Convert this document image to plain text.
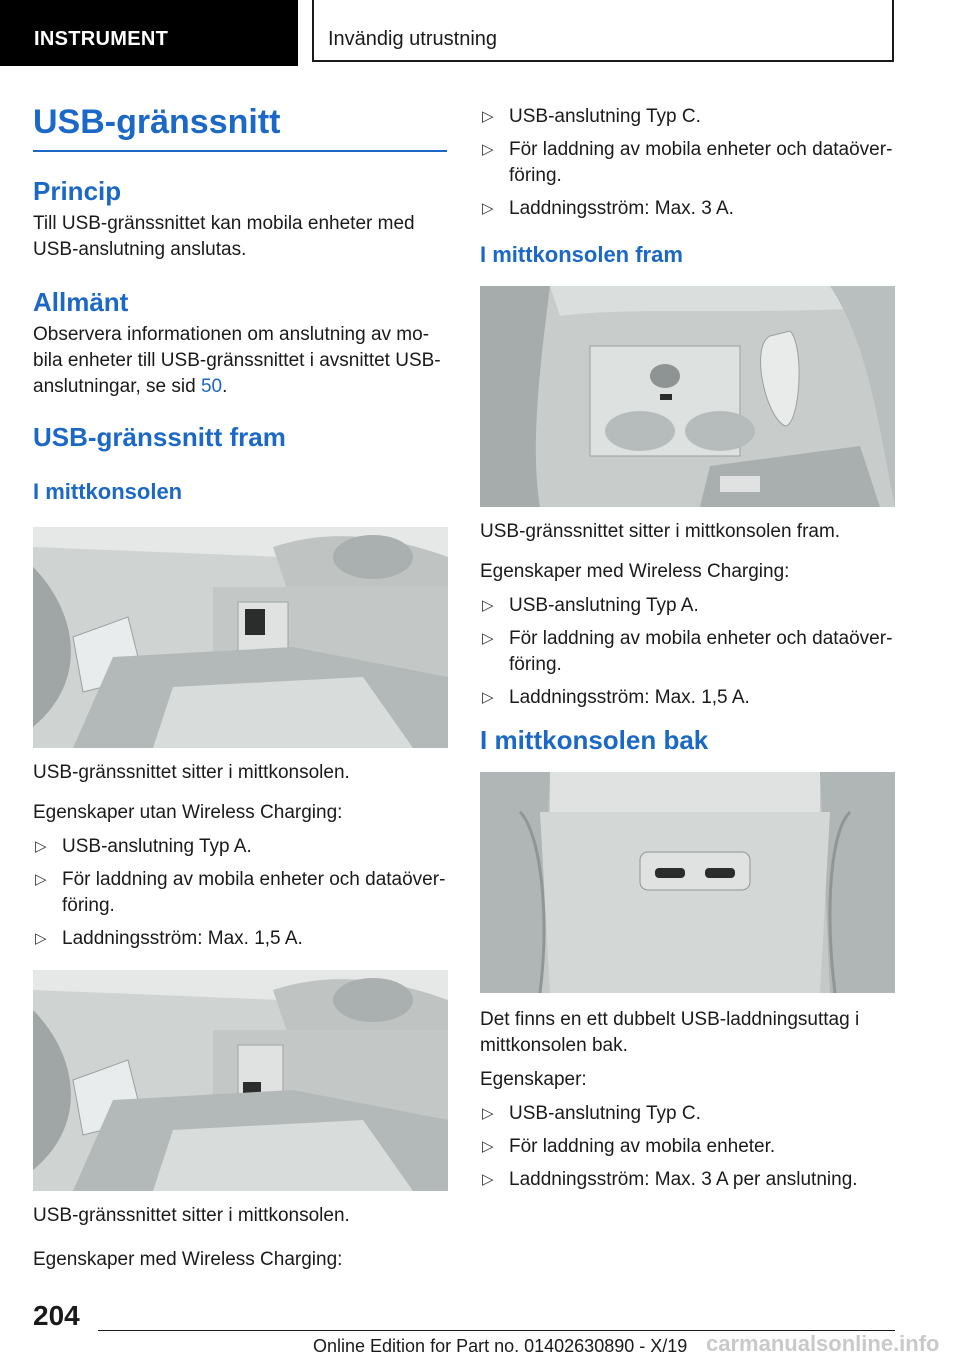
INSTRUMENT	Invändig utrustning
USB-gränssnitt
Princip

Till USB-gränssnittet kan mobila enheter med USB-anslutning anslutas.

Allmänt

Observera informationen om anslutning av mo‐ bila enheter till USB-gränssnittet i avsnittet USB- anslutningar, se sid 50.

USB-gränssnitt fram
I mittkonsolen

USB-gränssnittet sitter i mittkonsolen.

Egenskaper utan Wireless Charging:

▷ USB-anslutning Typ A.
▷ För laddning av mobila enheter och dataöver‐ föring.
▷ Laddningsström: Max. 1,5 A.

USB-gränssnittet sitter i mittkonsolen.

Egenskaper med Wireless Charging:

▷ USB-anslutning Typ C.
▷ För laddning av mobila enheter och dataöver‐ föring.
▷ Laddningsström: Max. 3 A.
I mittkonsolen fram

USB-gränssnittet sitter i mittkonsolen fram.

Egenskaper med Wireless Charging:

▷ USB-anslutning Typ A.
▷ För laddning av mobila enheter och dataöver‐ föring.
▷ Laddningsström: Max. 1,5 A.
I mittkonsolen bak

Det finns en ett dubbelt USB-laddningsuttag i mittkonsolen bak.

Egenskaper:

▷ USB-anslutning Typ C.
▷ För laddning av mobila enheter.
▷ Laddningsström: Max. 3 A per anslutning.
204
Online Edition for Part no. 01402630890 - X/19 carmanualsonline.info
